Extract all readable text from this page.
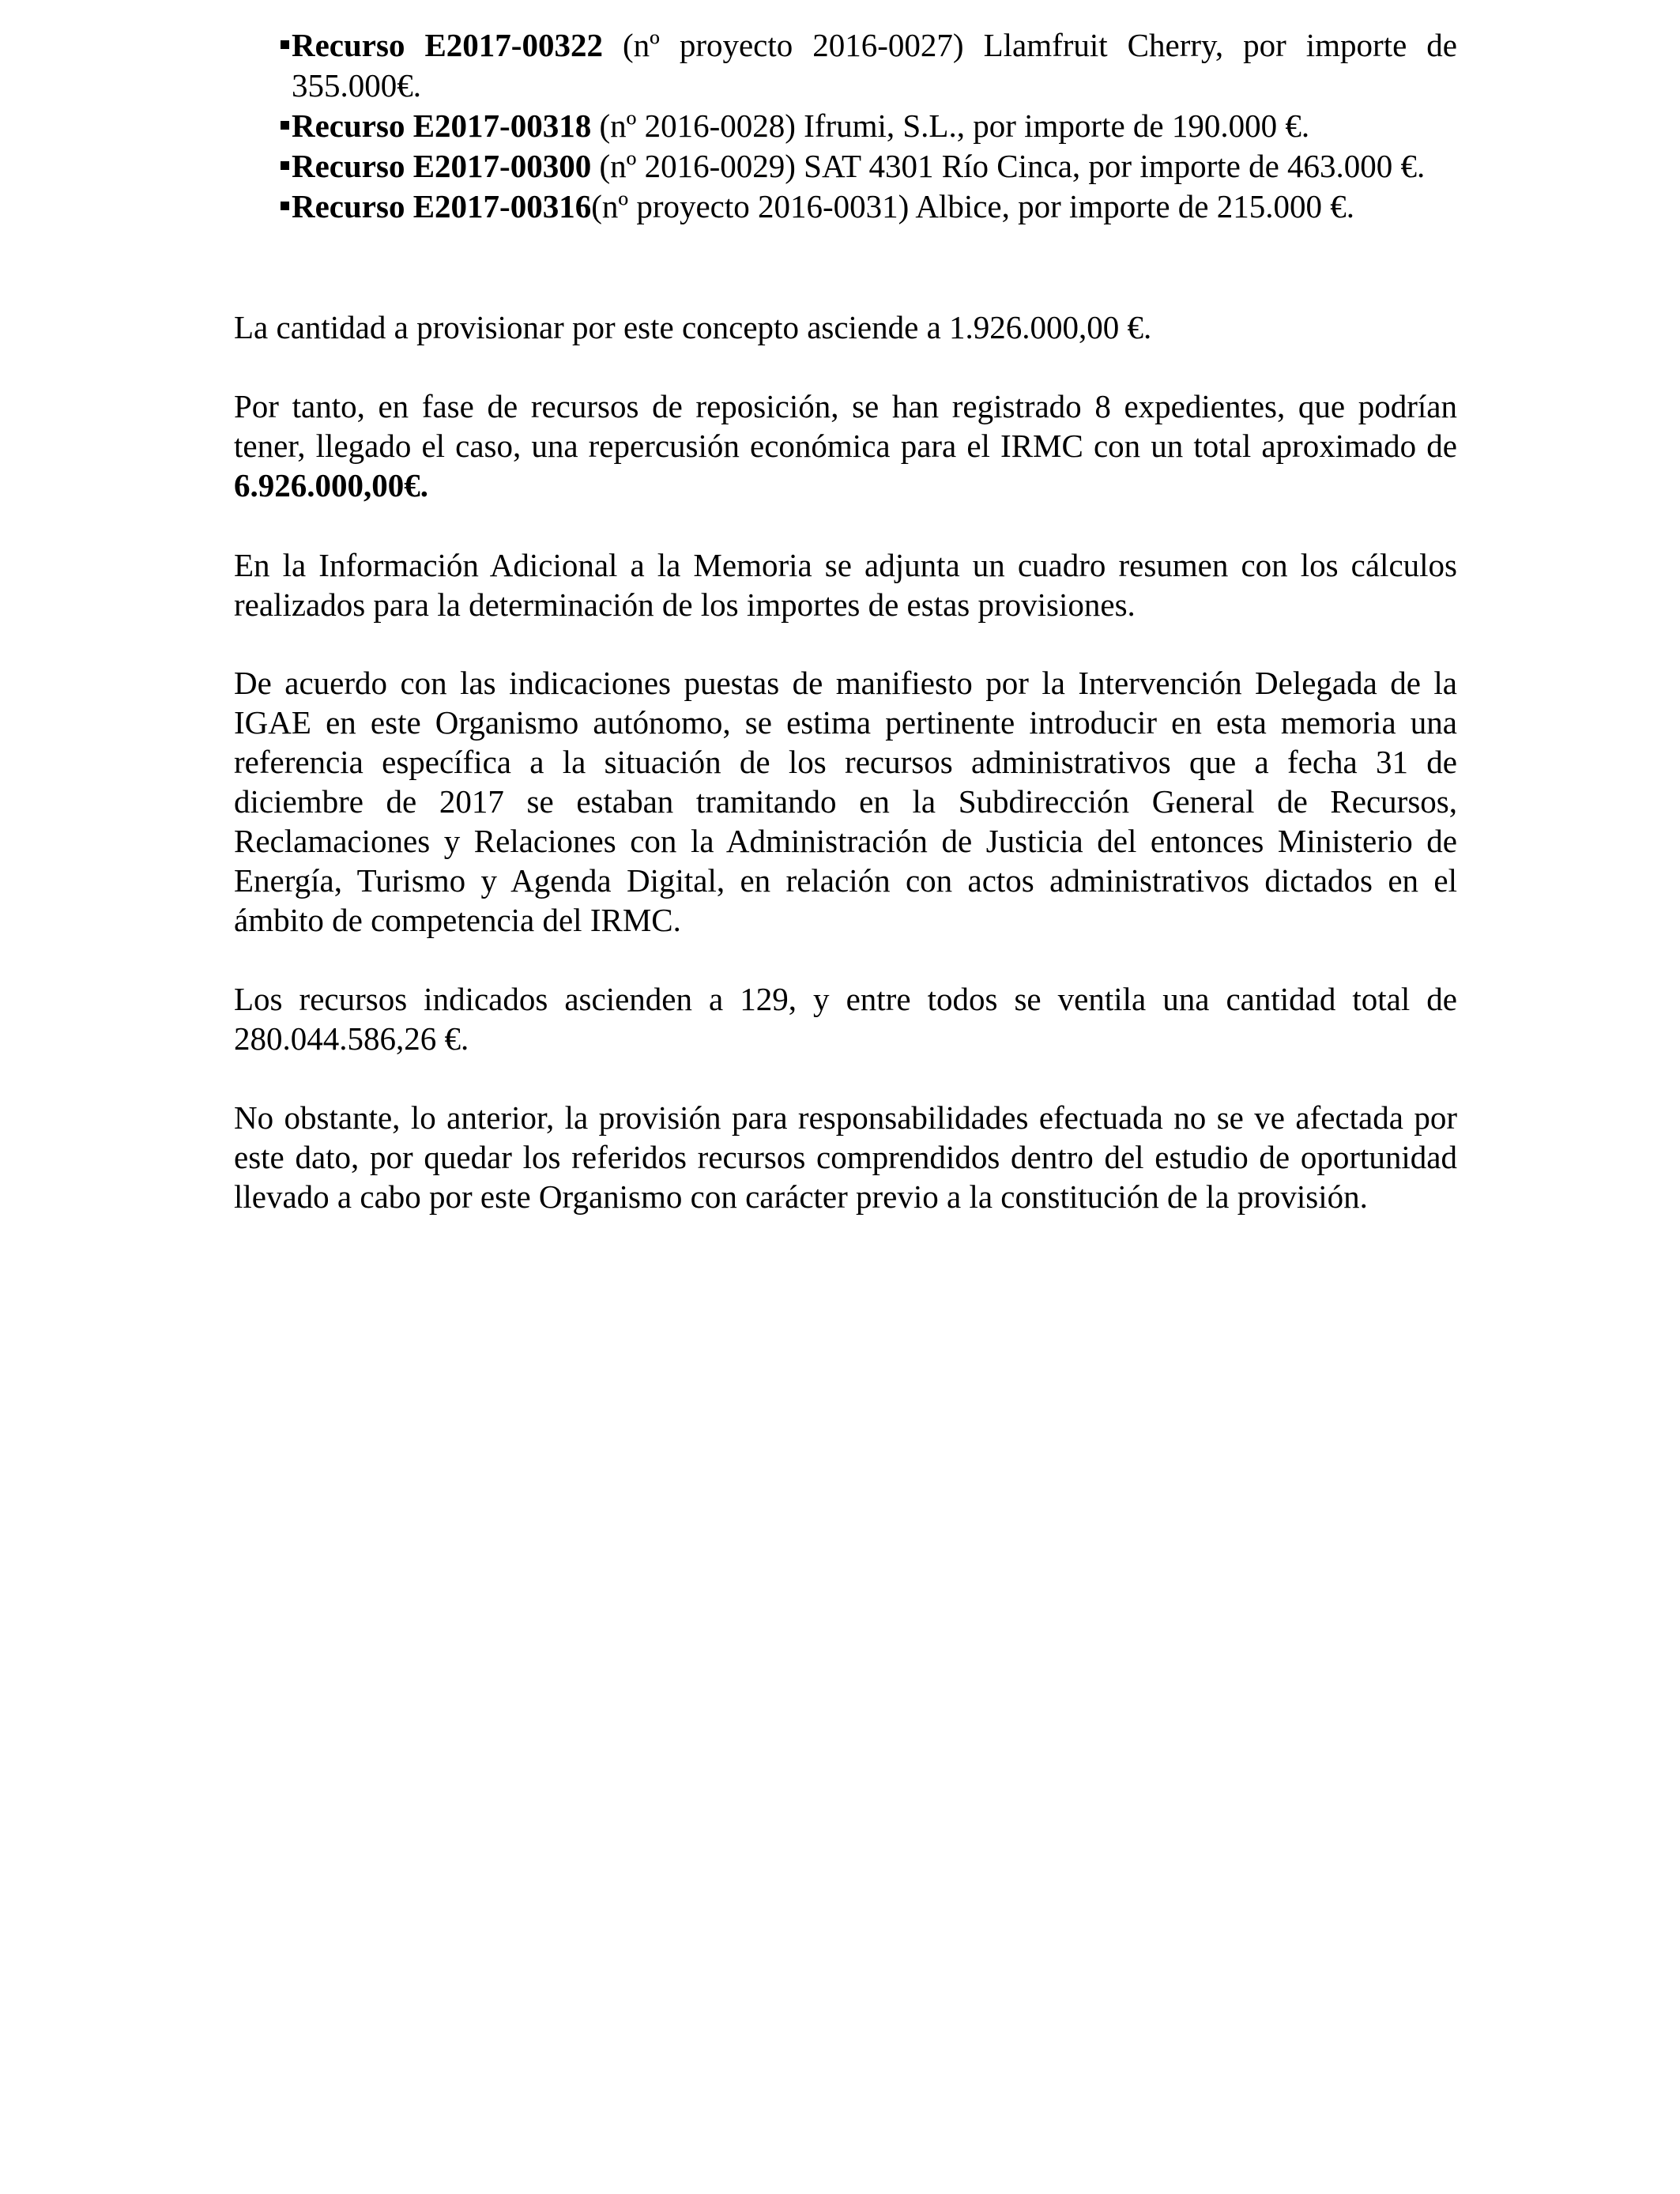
Recurso E2017-00322 (nº proyecto 2016-0027) Llamfruit Cherry, por importe de 355.000€.
Recurso E2017-00318 (nº 2016-0028) Ifrumi, S.L., por importe de 190.000 €.
Recurso E2017-00300 (nº 2016-0029) SAT 4301 Río Cinca, por importe de 463.000 €.
Recurso E2017-00316(nº proyecto 2016-0031) Albice, por importe de 215.000 €.

La cantidad a provisionar por este concepto asciende a 1.926.000,00 €.

Por tanto, en fase de recursos de reposición, se han registrado 8 expedientes, que podrían tener, llegado el caso, una repercusión económica para el IRMC con un total aproximado de 6.926.000,00€.

En la Información Adicional a la Memoria se adjunta un cuadro resumen con los cálculos realizados para la determinación de los importes de estas provisiones.

De acuerdo con las indicaciones puestas de manifiesto por la Intervención Delegada de la IGAE en este Organismo autónomo, se estima pertinente introducir en esta memoria una referencia específica a la situación de los recursos administrativos que a fecha 31 de diciembre de 2017 se estaban tramitando en la Subdirección General de Recursos, Reclamaciones y Relaciones con la Administración de Justicia del entonces Ministerio de Energía, Turismo y Agenda Digital, en relación con actos administrativos dictados en el ámbito de competencia del IRMC.

Los recursos indicados ascienden a 129, y entre todos se ventila una cantidad total de 280.044.586,26 €.

No obstante, lo anterior, la provisión para responsabilidades efectuada no se ve afectada por este dato, por quedar los referidos recursos comprendidos dentro del estudio de oportunidad llevado a cabo por este Organismo con carácter previo a la constitución de la provisión.
